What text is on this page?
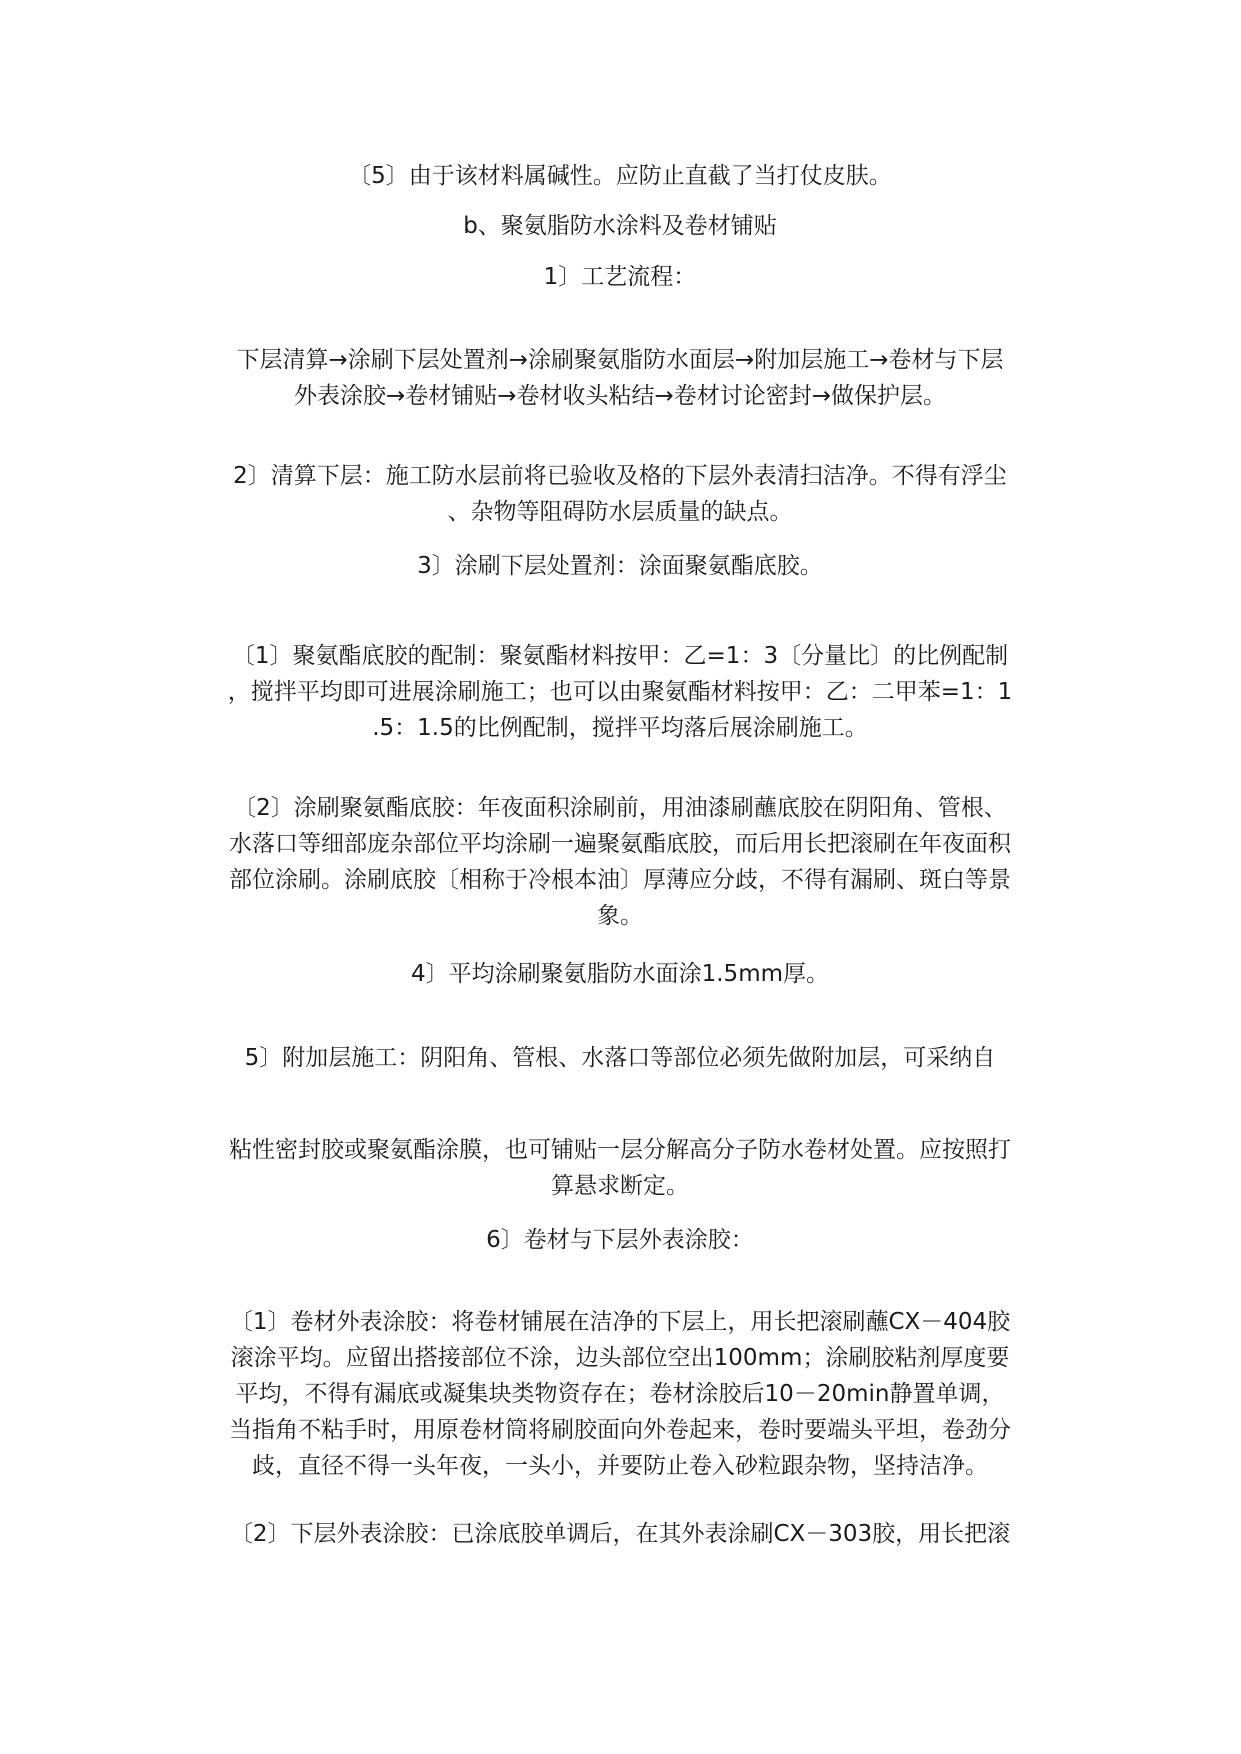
〔5〕由于该材料属碱性。应防止直截了当打仗皮肤。
b、聚氨脂防水涂料及卷材铺贴
1〕工艺流程：
下层清算→涂刷下层处置剂→涂刷聚氨脂防水面层→附加层施工→卷材与下层
外表涂胶→卷材铺贴→卷材收头粘结→卷材讨论密封→做保护层。
2〕清算下层：施工防水层前将已验收及格的下层外表清扫洁净。不得有浮尘
、杂物等阻碍防水层质量的缺点。
3〕涂刷下层处置剂：涂面聚氨酯底胶。
〔1〕聚氨酯底胶的配制：聚氨酯材料按甲：乙=1：3〔分量比〕的比例配制
，搅拌平均即可进展涂刷施工；也可以由聚氨酯材料按甲：乙：二甲苯=1：1
.5：1.5的比例配制，搅拌平均落后展涂刷施工。
〔2〕涂刷聚氨酯底胶：年夜面积涂刷前，用油漆刷蘸底胶在阴阳角、管根、
水落口等细部庞杂部位平均涂刷一遍聚氨酯底胶，而后用长把滚刷在年夜面积
部位涂刷。涂刷底胶〔相称于冷根本油〕厚薄应分歧，不得有漏刷、斑白等景
象。
4〕平均涂刷聚氨脂防水面涂1.5mm厚。
5〕附加层施工：阴阳角、管根、水落口等部位必须先做附加层，可采纳自
粘性密封胶或聚氨酯涂膜，也可铺贴一层分解高分子防水卷材处置。应按照打
算悬求断定。
6〕卷材与下层外表涂胶：
〔1〕卷材外表涂胶：将卷材铺展在洁净的下层上，用长把滚刷蘸CX－404胶
滚涂平均。应留出搭接部位不涂，边头部位空出100mm；涂刷胶粘剂厚度要
平均，不得有漏底或凝集块类物资存在；卷材涂胶后10－20min静置单调，
当指角不粘手时，用原卷材筒将刷胶面向外卷起来，卷时要端头平坦，卷劲分
歧，直径不得一头年夜，一头小，并要防止卷入砂粒跟杂物，坚持洁净。
〔2〕下层外表涂胶：已涂底胶单调后，在其外表涂刷CX－303胶，用长把滚
